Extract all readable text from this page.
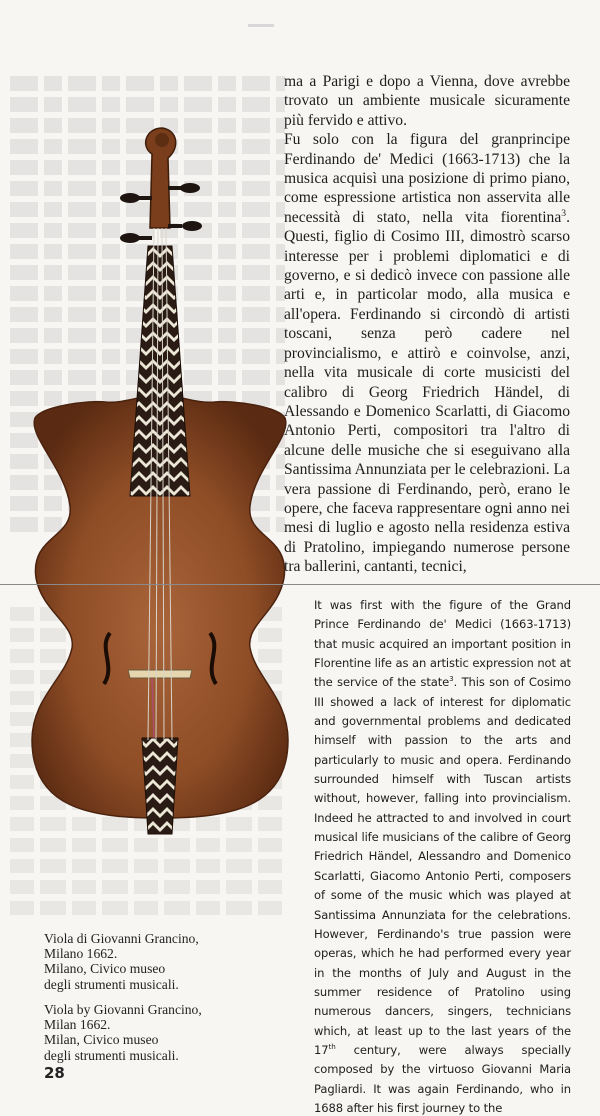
ma a Parigi e dopo a Vienna, dove avrebbe trovato un ambiente musicale sicuramente più fervido e attivo.

Fu solo con la figura del granprincipe Ferdinando de' Medici (1663-1713) che la musica acquisì una posizione di primo piano, come espressione artistica non asservita alle necessità di stato, nella vita fiorentina$^3$. Questi, figlio di Cosimo III, dimostrò scarso interesse per i problemi diplomatici e di governo, e si dedicò invece con passione alle arti e, in particolar modo, alla musica e all'opera. Ferdinando si circondò di artisti toscani, senza però cadere nel provincialismo, e attirò e coinvolse, anzi, nella vita musicale di corte musicisti del calibro di Georg Friedrich Händel, di Alessando e Domenico Scarlatti, di Giacomo Antonio Perti, compositori tra l'altro di alcune delle musiche che si eseguivano alla Santissima Annunziata per le celebrazioni. La vera passione di Ferdinando, però, erano le opere, che faceva rappresentare ogni anno nei mesi di luglio e agosto nella residenza estiva di Pratolino, impiegando numerose persone tra ballerini, cantanti, tecnici,

It was first with the figure of the Grand Prince Ferdinando de' Medici (1663-1713) that music acquired an important position in Florentine life as an artistic expression not at the service of the state$^3$. This son of Cosimo III showed a lack of interest for diplomatic and governmental problems and dedicated himself with passion to the arts and particularly to music and opera. Ferdinando surrounded himself with Tuscan artists without, however, falling into provincialism. Indeed he attracted to and involved in court musical life musicians of the calibre of Georg Friedrich Händel, Alessandro and Domenico Scarlatti, Giacomo Antonio Perti, composers of some of the music which was played at Santissima Annunziata for the celebrations. However, Ferdinando's true passion were operas, which he had performed every year in the months of July and August in the summer residence of Pratolino using numerous dancers, singers, technicians which, at least up to the last years of the 17th century, were always specially composed by the virtuoso Giovanni Maria Pagliardi. It was again Ferdinando, who in 1688 after his first journey to the

Viola di Giovanni Grancino,
Milano 1662.
Milano, Civico museo
degli strumenti musicali.
Viola by Giovanni Grancino,
Milan 1662.
Milan, Civico museo
degli strumenti musicali.
28
